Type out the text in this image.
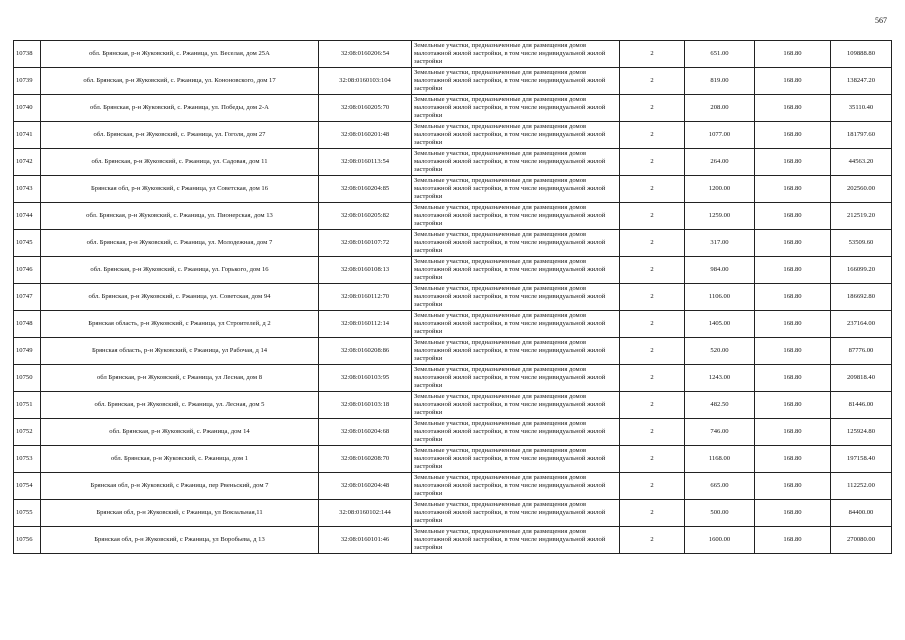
567
10738	обл. Брянская, р-н Жуковский, с. Ржаница, ул. Веселая, дом 25А	32:08:0160206:54	Земельные участки, предназначенные для размещения домов малоэтажной жилой застройки, в том числе индивидуальной жилой застройки	2	651.00	168.80	109888.80
10739	обл. Брянская, р-н Жуковский, с. Ржаница, ул. Кононовского, дом 17	32:08:0160103:104	Земельные участки, предназначенные для размещения домов малоэтажной жилой застройки, в том числе индивидуальной жилой застройки	2	819.00	168.80	138247.20
10740	обл. Брянская, р-н Жуковский, с. Ржаница, ул. Победы, дом 2-А	32:08:0160205:70	Земельные участки, предназначенные для размещения домов малоэтажной жилой застройки, в том числе индивидуальной жилой застройки	2	208.00	168.80	35110.40
10741	обл. Брянская, р-н Жуковский, с. Ржаница, ул. Гоголя, дом 27	32:08:0160201:48	Земельные участки, предназначенные для размещения домов малоэтажной жилой застройки, в том числе индивидуальной жилой застройки	2	1077.00	168.80	181797.60
10742	обл. Брянская, р-н Жуковский, с. Ржаница, ул. Садовая, дом 11	32:08:0160113:54	Земельные участки, предназначенные для размещения домов малоэтажной жилой застройки, в том числе индивидуальной жилой застройки	2	264.00	168.80	44563.20
10743	Брянская обл, р-н Жуковский, с Ржаница, ул Советская, дом 16	32:08:0160204:85	Земельные участки, предназначенные для размещения домов малоэтажной жилой застройки, в том числе индивидуальной жилой застройки	2	1200.00	168.80	202560.00
10744	обл. Брянская, р-н Жуковский, с. Ржаница, ул. Пионерская, дом 13	32:08:0160205:82	Земельные участки, предназначенные для размещения домов малоэтажной жилой застройки, в том числе индивидуальной жилой застройки	2	1259.00	168.80	212519.20
10745	обл. Брянская, р-н Жуковский, с. Ржаница, ул. Молодежная, дом 7	32:08:0160107:72	Земельные участки, предназначенные для размещения домов малоэтажной жилой застройки, в том числе индивидуальной жилой застройки	2	317.00	168.80	53509.60
10746	обл. Брянская, р-н Жуковский, с. Ржаница, ул. Горького, дом 16	32:08:0160108:13	Земельные участки, предназначенные для размещения домов малоэтажной жилой застройки, в том числе индивидуальной жилой застройки	2	984.00	168.80	166099.20
10747	обл. Брянская, р-н Жуковский, с. Ржаница, ул. Советская, дом 94	32:08:0160112:70	Земельные участки, предназначенные для размещения домов малоэтажной жилой застройки, в том числе индивидуальной жилой застройки	2	1106.00	168.80	186692.80
10748	Брянская область, р-н Жуковский, с Ржаница, ул Строителей, д 2	32:08:0160112:14	Земельные участки, предназначенные для размещения домов малоэтажной жилой застройки, в том числе индивидуальной жилой застройки	2	1405.00	168.80	237164.00
10749	Брянская область, р-н Жуковский, с Ржаница, ул Рабочая, д 14	32:08:0160208:86	Земельные участки, предназначенные для размещения домов малоэтажной жилой застройки, в том числе индивидуальной жилой застройки	2	520.00	168.80	87776.00
10750	обл Брянская, р-н Жуковский, с Ржаница, ул Лесная, дом 8	32:08:0160103:95	Земельные участки, предназначенные для размещения домов малоэтажной жилой застройки, в том числе индивидуальной жилой застройки	2	1243.00	168.80	209818.40
10751	обл. Брянская, р-н Жуковский, с. Ржаница, ул. Лесная, дом 5	32:08:0160103:18	Земельные участки, предназначенные для размещения домов малоэтажной жилой застройки, в том числе индивидуальной жилой застройки	2	482.50	168.80	81446.00
10752	обл. Брянская, р-н Жуковский, с. Ржаница, дом 14	32:08:0160204:68	Земельные участки, предназначенные для размещения домов малоэтажной жилой застройки, в том числе индивидуальной жилой застройки	2	746.00	168.80	125924.80
10753	обл. Брянская, р-н Жуковский, с. Ржаница, дом 1	32:08:0160208:70	Земельные участки, предназначенные для размещения домов малоэтажной жилой застройки, в том числе индивидуальной жилой застройки	2	1168.00	168.80	197158.40
10754	Брянская обл, р-н Жуковский, с Ржаница, пер Рвеньский, дом 7	32:08:0160204:48	Земельные участки, предназначенные для размещения домов малоэтажной жилой застройки, в том числе индивидуальной жилой застройки	2	665.00	168.80	112252.00
10755	Брянская обл, р-н Жуковский, с Ржаница, ул Вокзальная,11	32:08:0160102:144	Земельные участки, предназначенные для размещения домов малоэтажной жилой застройки, в том числе индивидуальной жилой застройки	2	500.00	168.80	84400.00
10756	Брянская обл, р-н Жуковский, с Ржаница, ул Воробьева, д 13	32:08:0160101:46	Земельные участки, предназначенные для размещения домов малоэтажной жилой застройки, в том числе индивидуальной жилой застройки	2	1600.00	168.80	270080.00
